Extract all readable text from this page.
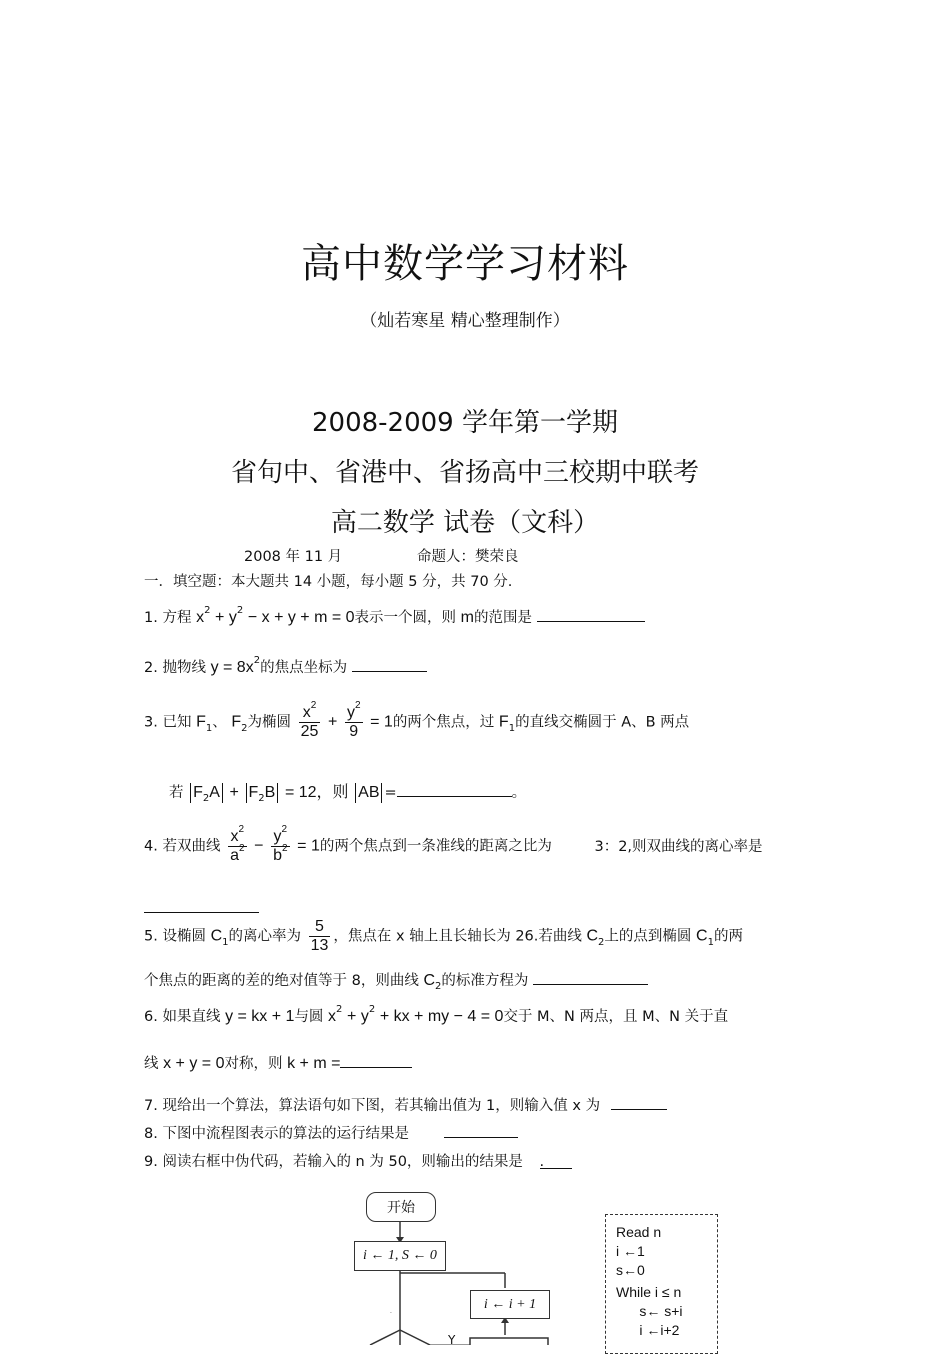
高中数学学习材料
（灿若寒星 精心整理制作）
2008-2009 学年第一学期
省句中、省港中、省扬高中三校期中联考
高二数学 试卷（文科）
2008 年 11 月	命题人：樊荣良
一．填空题：本大题共 14 小题，每小题 5 分，共 70 分.
1. 方程 $x^2 + y^2 - x + y + m = 0$表示一个圆，则 m的范围是
2. 抛物线 $y = 8x^2$的焦点坐标为
3. 已知 $F_1$、 $F_2$为椭圆 $\frac{x^2}{25} + \frac{y^2}{9} = 1$的两个焦点，过 $F_1$的直线交椭圆于 A、B 两点
若 $F_2A + F_2B = 12$，则 AB =	。
4. 若双曲线 $\frac{x^2}{a^2} - \frac{y^2}{b^2} = 1$的两个焦点到一条准线的距离之比为	3：2,则双曲线的离心率是
5. 设椭圆 $C_1$的离心率为 $\frac{5}{13}$ ，焦点在 x 轴上且长轴长为 26.若曲线 $C_2$上的点到椭圆 $C_1$的两
个焦点的距离的差的绝对值等于 8，则曲线 $C_2$的标准方程为
6. 如果直线 y = kx + 1与圆 $x^2 + y^2$ + kx + my − 4 = 0交于 M、N 两点，且 M、N 关于直
线 x + y = 0对称，则 k + m =
7. 现给出一个算法，算法语句如下图，若其输出值为 1，则输入值 x 为
8. 下图中流程图表示的算法的运行结果是
9. 阅读右框中伪代码，若输入的 n 为 50，则输出的结果是 .
.
开始
i ← 1, S ← 0
i ← i + 1
Y
Read n
i ←1
s←0
While i ≤ n
s← s+i
i ←i+2
